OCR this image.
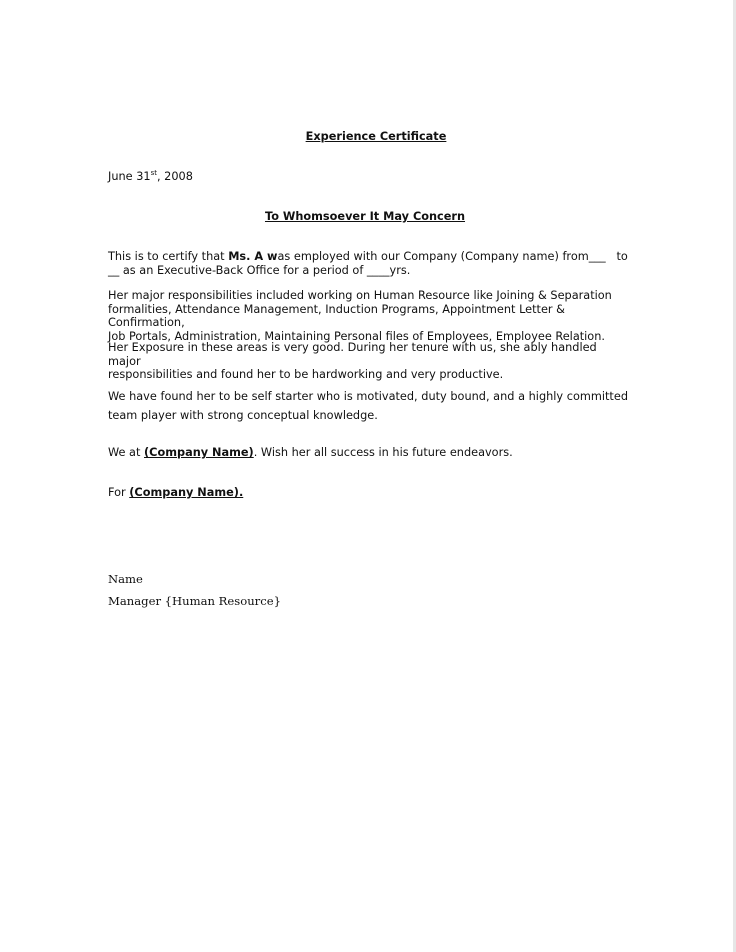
Experience Certificate
June 31st, 2008
To Whomsoever It May Concern
This is to certify that Ms. A was employed with our Company (Company name) from___   to
__ as an Executive-Back Office for a period of ____yrs.
Her major responsibilities included working on Human Resource like Joining & Separation
formalities, Attendance Management, Induction Programs, Appointment Letter & Confirmation,
Job Portals, Administration, Maintaining Personal files of Employees, Employee Relation.
Her Exposure in these areas is very good. During her tenure with us, she ably handled major
responsibilities and found her to be hardworking and very productive.
We have found her to be self starter who is motivated, duty bound, and a highly committed team player with strong conceptual knowledge.
We at (Company Name). Wish her all success in his future endeavors.
For (Company Name).
Name
Manager {Human Resource}
